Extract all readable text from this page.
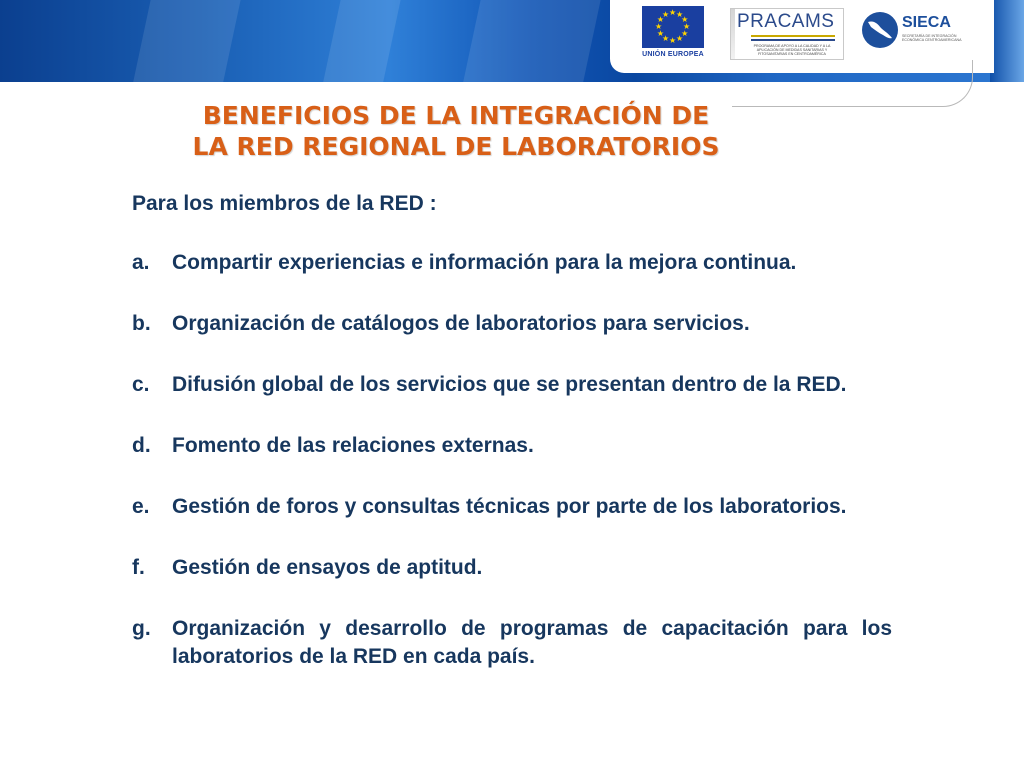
★ ★
★
★
★
★
★
★
★
★
★
★
UNIÓN EUROPEA
PRACAMS
PROGRAMA DE APOYO A LA CALIDAD Y A LA APLICACIÓN DE MEDIDAS SANITARIAS Y FITOSANITARIAS EN CENTROAMÉRICA
SIECA
SECRETARÍA DE INTEGRACIÓN ECONÓMICA CENTROAMERICANA
BENEFICIOS DE LA INTEGRACIÓN DE
LA RED REGIONAL DE LABORATORIOS
Para los miembros de la RED :
a.	Compartir experiencias e información para la mejora continua.
b.	Organización de catálogos de laboratorios para servicios.
c.	Difusión global de los servicios que se presentan dentro de la RED.
d.	Fomento de las relaciones externas.
e.	Gestión de foros y consultas técnicas por parte de los laboratorios.
f.	Gestión de ensayos de aptitud.
g.	Organización y desarrollo de programas de capacitación para los laboratorios de la RED en cada país.
